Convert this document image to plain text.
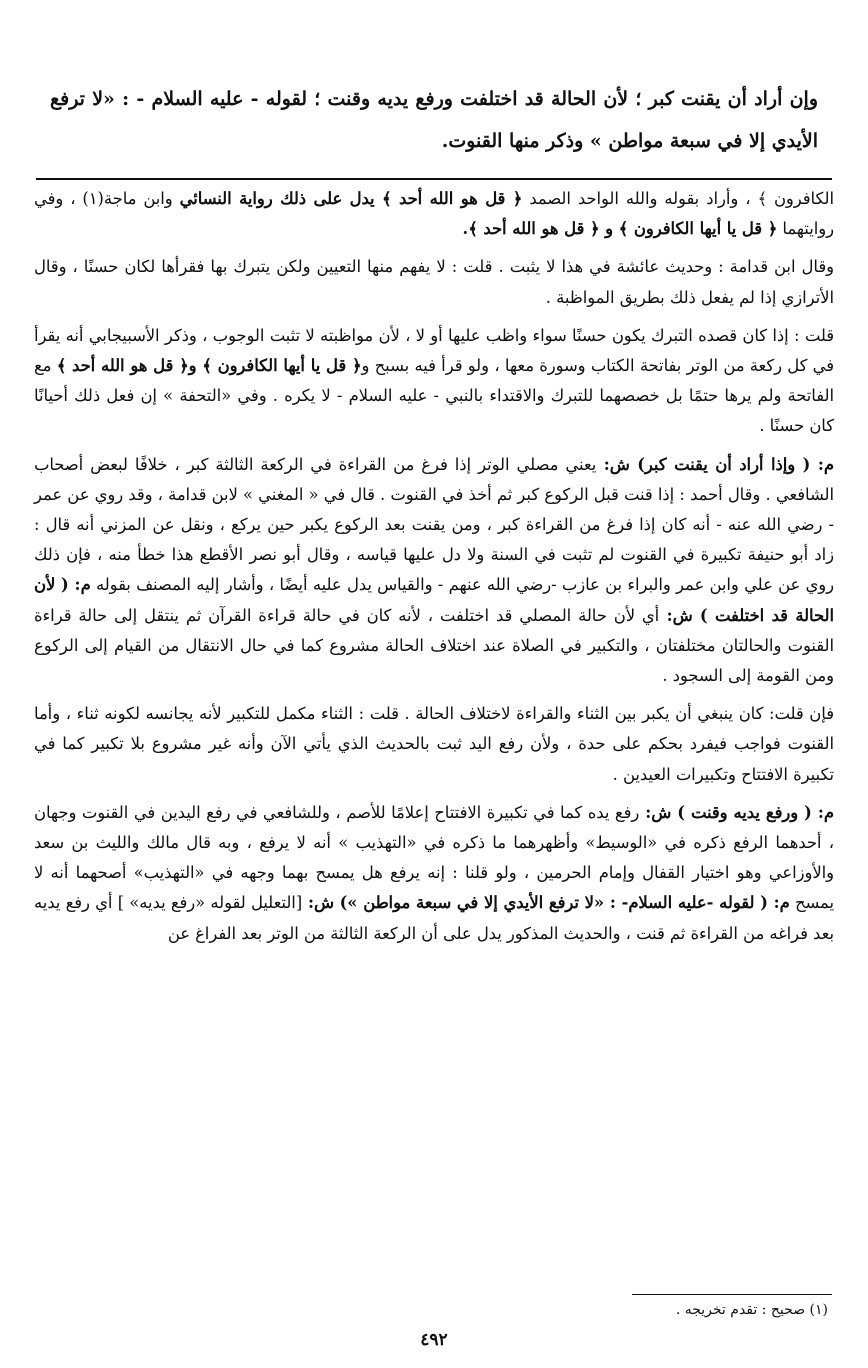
وإن أراد أن يقنت كبر ؛ لأن الحالة قد اختلفت ورفع يديه وقنت ؛ لقوله - عليه السلام - : «لا ترفع الأيدي إلا في سبعة مواطن » وذكر منها القنوت.

الكافرون ﴾ ، وأراد بقوله والله الواحد الصمد ﴿ قل هو الله أحد ﴾ يدل على ذلك رواية النسائي وابن ماجة(١) ، وفي روايتهما ﴿ قل يا أيها الكافرون ﴾ و ﴿ قل هو الله أحد ﴾.

وقال ابن قدامة : وحديث عائشة في هذا لا يثبت . قلت : لا يفهم منها التعيين ولكن يتبرك بها فقرأها لكان حسنًا ، وقال الأترازي إذا لم يفعل ذلك بطريق المواظبة .

قلت : إذا كان قصده التبرك يكون حسنًا سواء واظب عليها أو لا ، لأن مواظبته لا تثبت الوجوب ، وذكر الأسبيجابي أنه يقرأ في كل ركعة من الوتر بفاتحة الكتاب وسورة معها ، ولو قرأ فيه بسبح و﴿ قل يا أيها الكافرون ﴾ و﴿ قل هو الله أحد ﴾ مع الفاتحة ولم يرها حتمًا بل خصصهما للتبرك والاقتداء بالنبي - عليه السلام - لا يكره . وفي «التحفة » إن فعل ذلك أحيانًا كان حسنًا .

م: ( وإذا أراد أن يقنت كبر) ش: يعني مصلي الوتر إذا فرغ من القراءة في الركعة الثالثة كبر ، خلافًا لبعض أصحاب الشافعي . وقال أحمد : إذا قنت قبل الركوع كبر ثم أخذ في القنوت . قال في « المغني » لابن قدامة ، وقد روي عن عمر - رضي الله عنه - أنه كان إذا فرغ من القراءة كبر ، ومن يقنت بعد الركوع يكبر حين يركع ، ونقل عن المزني أنه قال : زاد أبو حنيفة تكبيرة في القنوت لم تثبت في السنة ولا دل عليها قياسه ، وقال أبو نصر الأقطع هذا خطأ منه ، فإن ذلك روي عن علي وابن عمر والبراء بن عازب -رضي الله عنهم - والقياس يدل عليه أيضًا ، وأشار إليه المصنف بقوله م: ( لأن الحالة قد اختلفت ) ش: أي لأن حالة المصلي قد اختلفت ، لأنه كان في حالة قراءة القرآن ثم ينتقل إلى حالة قراءة القنوت والحالتان مختلفتان ، والتكبير في الصلاة عند اختلاف الحالة مشروع كما في حال الانتقال من القيام إلى الركوع ومن القومة إلى السجود .

فإن قلت: كان ينبغي أن يكبر بين الثناء والقراءة لاختلاف الحالة . قلت : الثناء مكمل للتكبير لأنه يجانسه لكونه ثناء ، وأما القنوت فواجب فيفرد بحكم على حدة ، ولأن رفع اليد ثبت بالحديث الذي يأتي الآن وأنه غير مشروع بلا تكبير كما في تكبيرة الافتتاح وتكبيرات العيدين .

م: ( ورفع يديه وقنت ) ش: رفع يده كما في تكبيرة الافتتاح إعلامًا للأصم ، وللشافعي في رفع اليدين في القنوت وجهان ، أحدهما الرفع ذكره في «الوسيط» وأظهرهما ما ذكره في «التهذيب » أنه لا يرفع ، وبه قال مالك والليث بن سعد والأوزاعي وهو اختيار القفال وإمام الحرمين ، ولو قلنا : إنه يرفع هل يمسح بهما وجهه في «التهذيب» أصحهما أنه لا يمسح م: ( لقوله -عليه السلام- : «لا ترفع الأيدي إلا في سبعة مواطن ») ش: [التعليل لقوله «رفع يديه» ] أي رفع يديه بعد فراغه من القراءة ثم قنت ، والحديث المذكور يدل على أن الركعة الثالثة من الوتر بعد الفراغ عن

(١) صحيح : تقدم تخريجه .
٤٩٢
